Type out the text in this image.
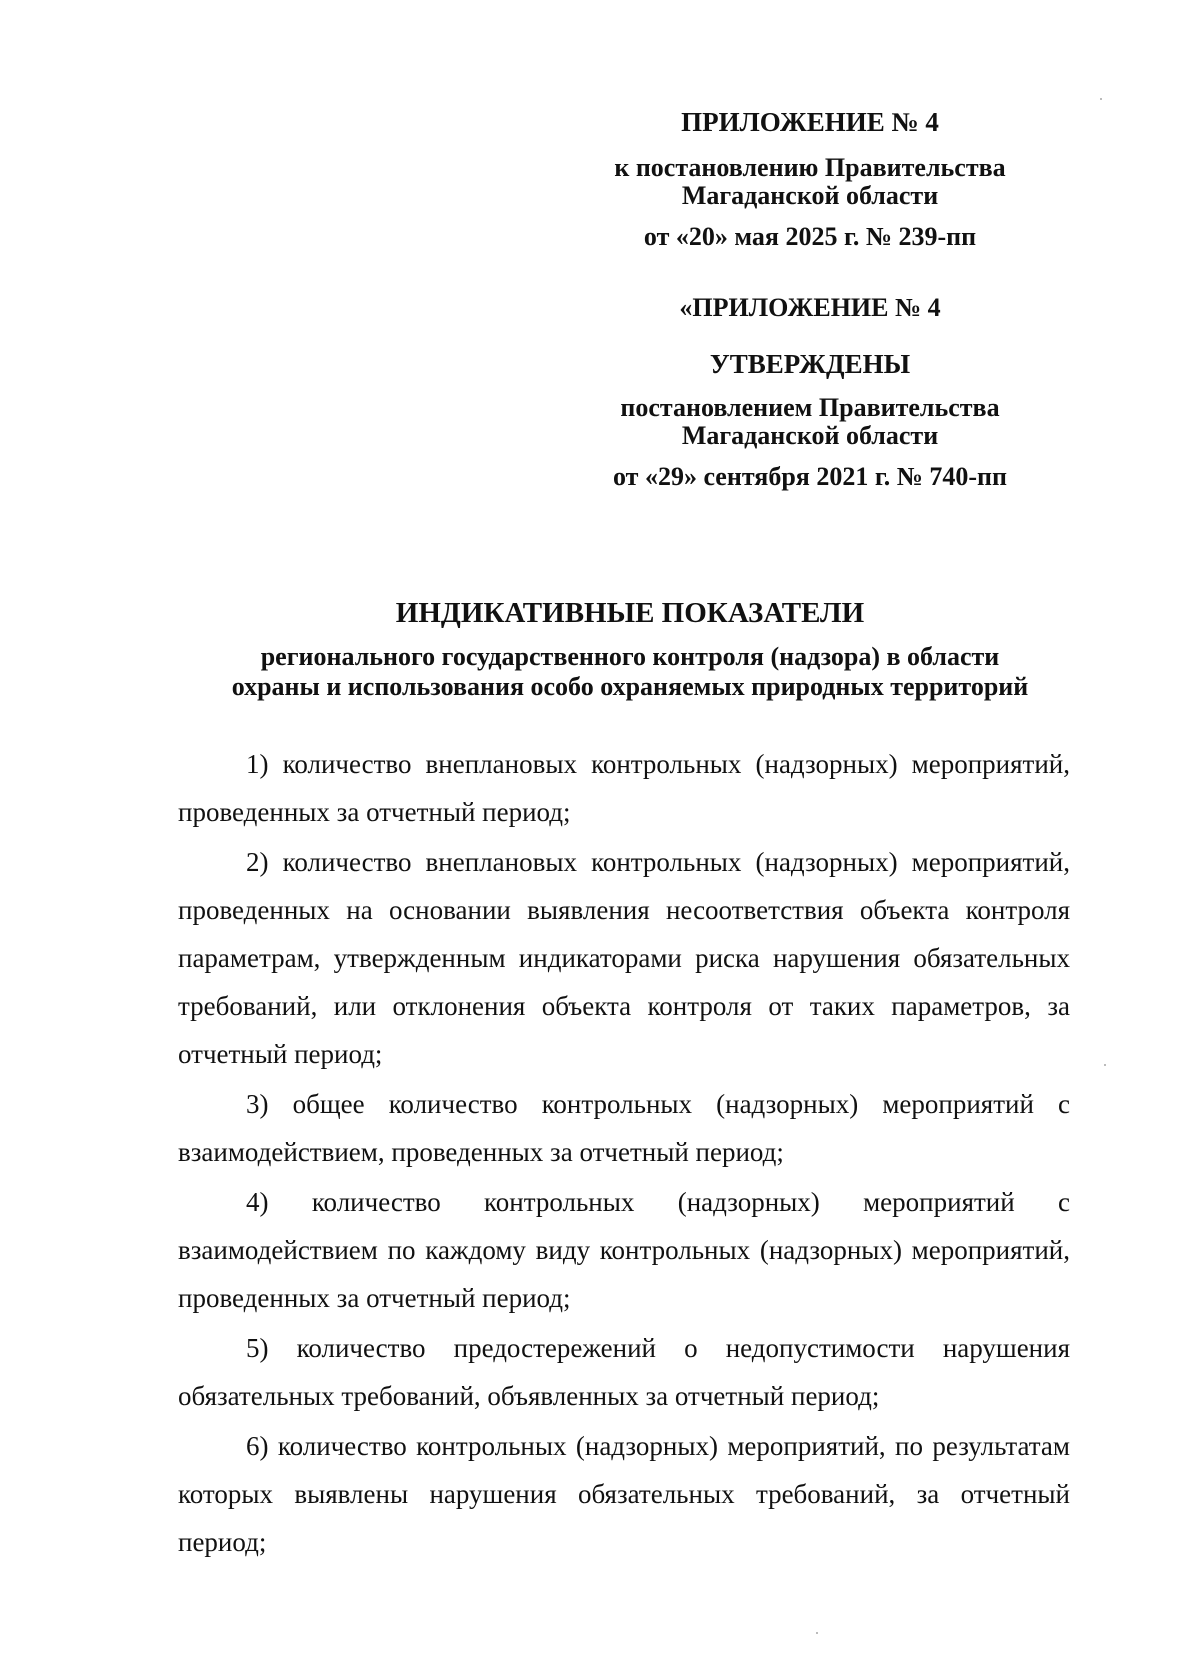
ПРИЛОЖЕНИЕ № 4
к постановлению Правительства
Магаданской области
от «20» мая 2025 г. № 239-пп
«ПРИЛОЖЕНИЕ № 4
УТВЕРЖДЕНЫ
постановлением Правительства
Магаданской области
от «29» сентября 2021 г. № 740-пп
ИНДИКАТИВНЫЕ ПОКАЗАТЕЛИ
регионального государственного контроля (надзора) в области
охраны и использования особо охраняемых природных территорий

1) количество внеплановых контрольных (надзорных) мероприятий, проведенных за отчетный период;

2) количество внеплановых контрольных (надзорных) мероприятий, проведенных на основании выявления несоответствия объекта контроля параметрам, утвержденным индикаторами риска нарушения обязательных требований, или отклонения объекта контроля от таких параметров, за отчетный период;

3) общее количество контрольных (надзорных) мероприятий с взаимодействием, проведенных за отчетный период;

4) количество контрольных (надзорных) мероприятий с взаимодействием по каждому виду контрольных (надзорных) мероприятий, проведенных за отчетный период;

5) количество предостережений о недопустимости нарушения обязательных требований, объявленных за отчетный период;

6) количество контрольных (надзорных) мероприятий, по результатам которых выявлены нарушения обязательных требований, за отчетный период;
